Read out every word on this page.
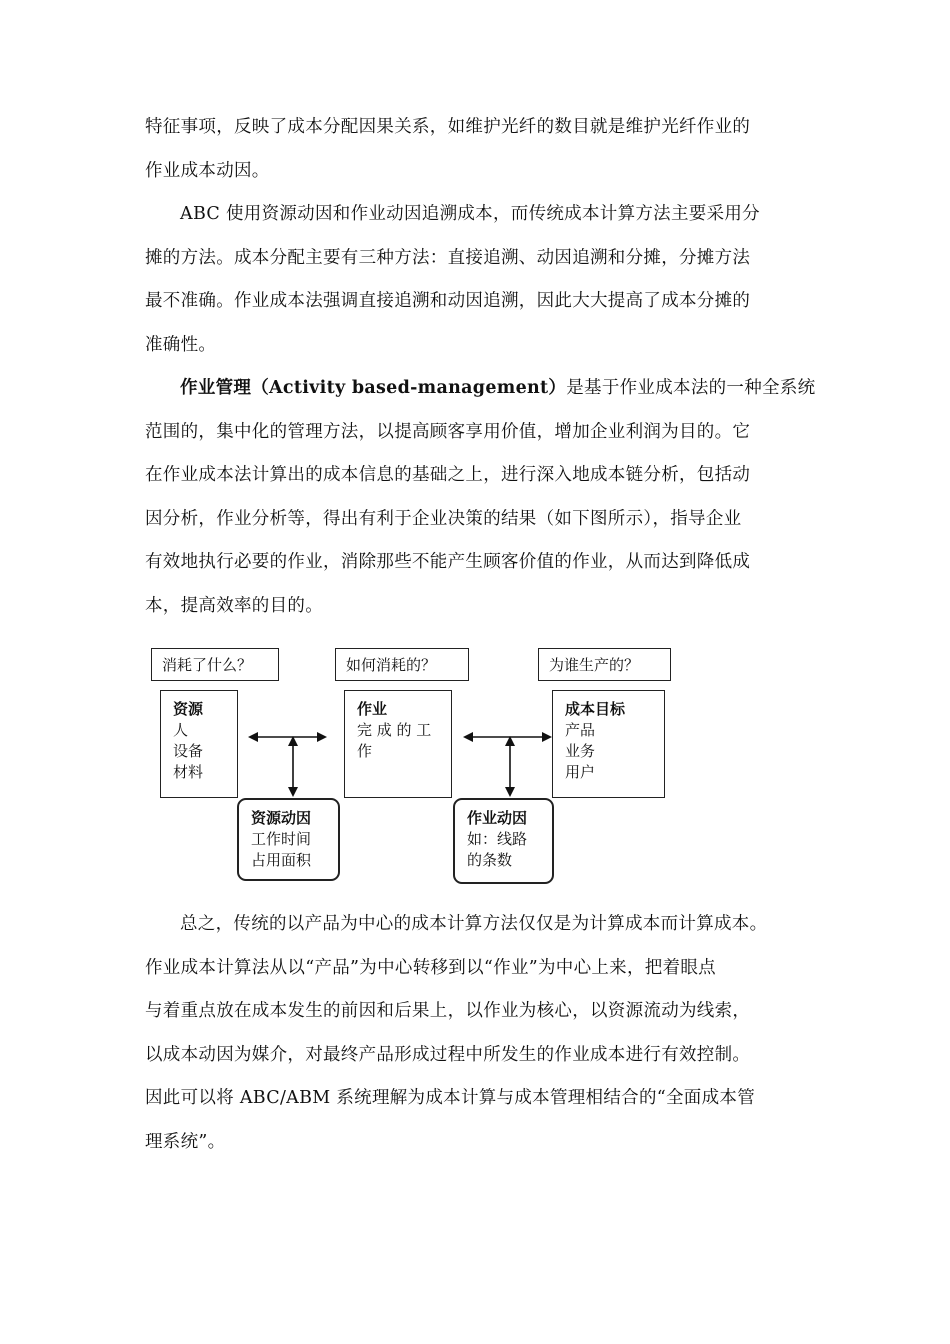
特征事项，反映了成本分配因果关系，如维护光纤的数目就是维护光纤作业的
作业成本动因。

ABC 使用资源动因和作业动因追溯成本，而传统成本计算方法主要采用分
摊的方法。成本分配主要有三种方法：直接追溯、动因追溯和分摊，分摊方法
最不准确。作业成本法强调直接追溯和动因追溯，因此大大提高了成本分摊的
准确性。

作业管理（Activity based-management）是基于作业成本法的一种全系统
范围的，集中化的管理方法，以提高顾客享用价值，增加企业利润为目的。它
在作业成本法计算出的成本信息的基础之上，进行深入地成本链分析，包括动
因分析，作业分析等，得出有利于企业决策的结果（如下图所示），指导企业
有效地执行必要的作业，消除那些不能产生顾客价值的作业，从而达到降低成
本，提高效率的目的。

消耗了什么？	如何消耗的？	为谁生产的？
资源
人
设备
材料
作业
完 成 的 工
作
成本目标
产品
业务
用户
资源动因
工作时间
占用面积
作业动因
如：线路
的条数

总之，传统的以产品为中心的成本计算方法仅仅是为计算成本而计算成本。
作业成本计算法从以“产品”为中心转移到以“作业”为中心上来，把着眼点
与着重点放在成本发生的前因和后果上，以作业为核心，以资源流动为线索，
以成本动因为媒介，对最终产品形成过程中所发生的作业成本进行有效控制。
因此可以将 ABC/ABM 系统理解为成本计算与成本管理相结合的“全面成本管
理系统”。
